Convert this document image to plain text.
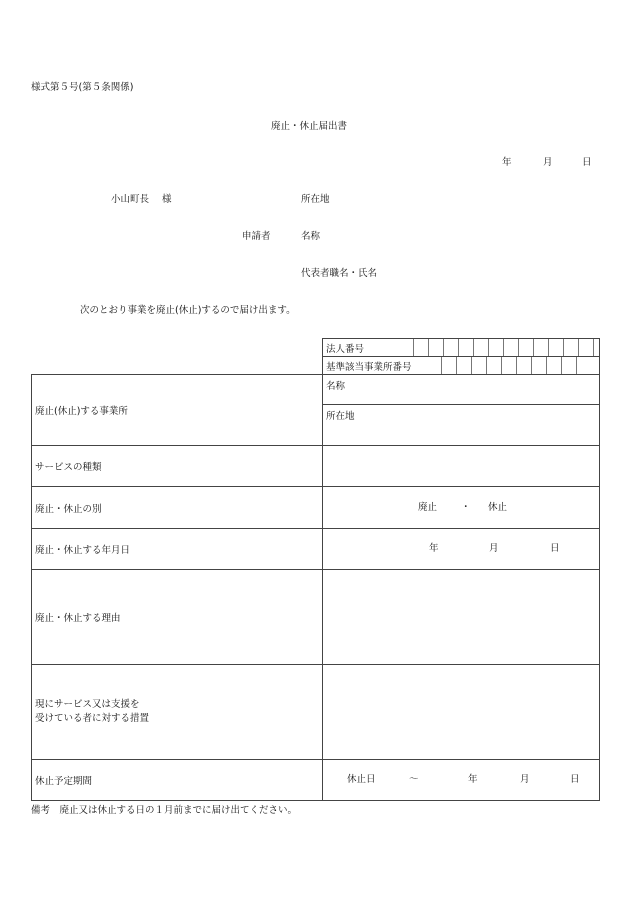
様式第５号(第５条関係)
廃止・休止届出書
年	月	日
小山町長 様	所在地
申請者	名称
代表者職名・氏名
次のとおり事業を廃止(休止)するので届け出ます。

	法人番号

	基準該当事業所番号

廃止(休止)する事業所	名称
	所在地
サービスの種類	
廃止・休止の別	廃止 ・ 休止

廃止・休止する年月日	年 月 日

廃止・休止する理由	

現にサービス又は支援を
受けている者に対する措置	

休止予定期間	休止日 ～ 年 月 日
備考　廃止又は休止する日の１月前までに届け出てください。
